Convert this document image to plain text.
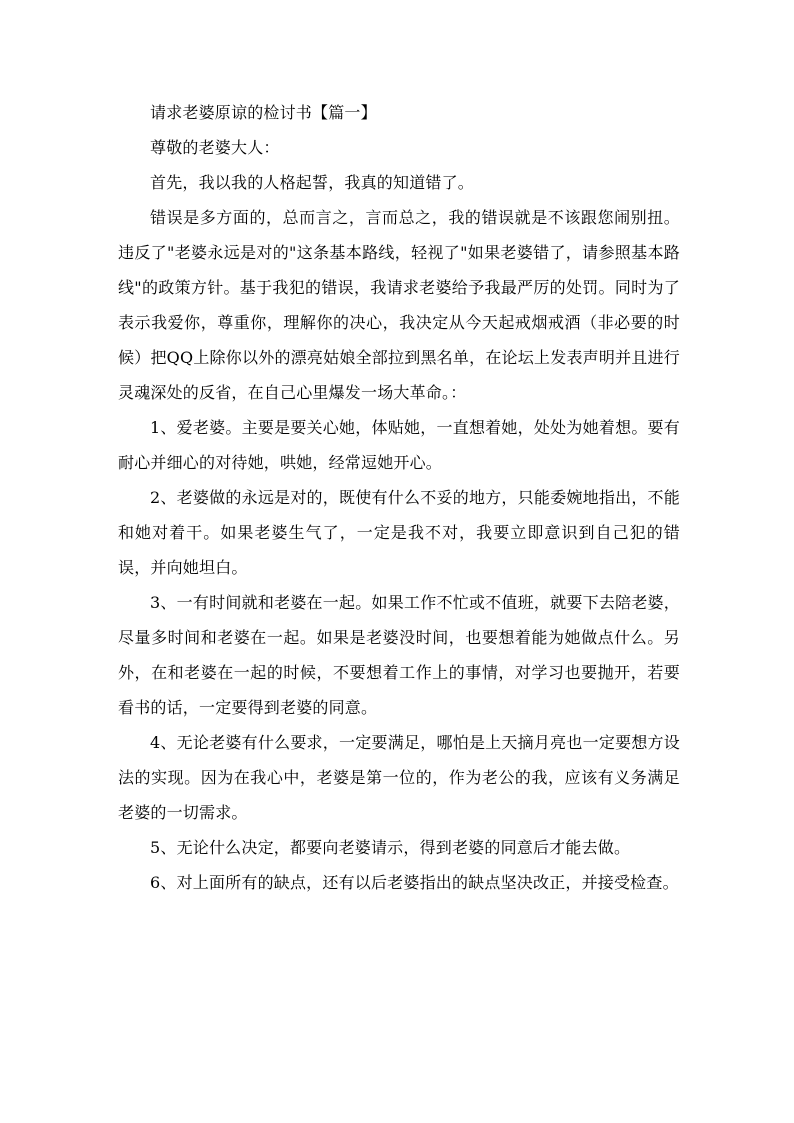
请求老婆原谅的检讨书【篇一】

尊敬的老婆大人：

首先，我以我的人格起誓，我真的知道错了。

错误是多方面的，总而言之，言而总之，我的错误就是不该跟您闹别扭。违反了"老婆永远是对的"这条基本路线，轻视了"如果老婆错了，请参照基本路线"的政策方针。基于我犯的错误，我请求老婆给予我最严厉的处罚。同时为了表示我爱你，尊重你，理解你的决心，我决定从今天起戒烟戒酒（非必要的时候）把QQ上除你以外的漂亮姑娘全部拉到黑名单，在论坛上发表声明并且进行灵魂深处的反省，在自己心里爆发一场大革命。：

1、爱老婆。主要是要关心她，体贴她，一直想着她，处处为她着想。要有耐心并细心的对待她，哄她，经常逗她开心。

2、老婆做的永远是对的，既使有什么不妥的地方，只能委婉地指出，不能和她对着干。如果老婆生气了，一定是我不对，我要立即意识到自己犯的错误，并向她坦白。

3、一有时间就和老婆在一起。如果工作不忙或不值班，就要下去陪老婆，尽量多时间和老婆在一起。如果是老婆没时间，也要想着能为她做点什么。另外，在和老婆在一起的时候，不要想着工作上的事情，对学习也要抛开，若要看书的话，一定要得到老婆的同意。

4、无论老婆有什么要求，一定要满足，哪怕是上天摘月亮也一定要想方设法的实现。因为在我心中，老婆是第一位的，作为老公的我，应该有义务满足老婆的一切需求。

5、无论什么决定，都要向老婆请示，得到老婆的同意后才能去做。

6、对上面所有的缺点，还有以后老婆指出的缺点坚决改正，并接受检查。
